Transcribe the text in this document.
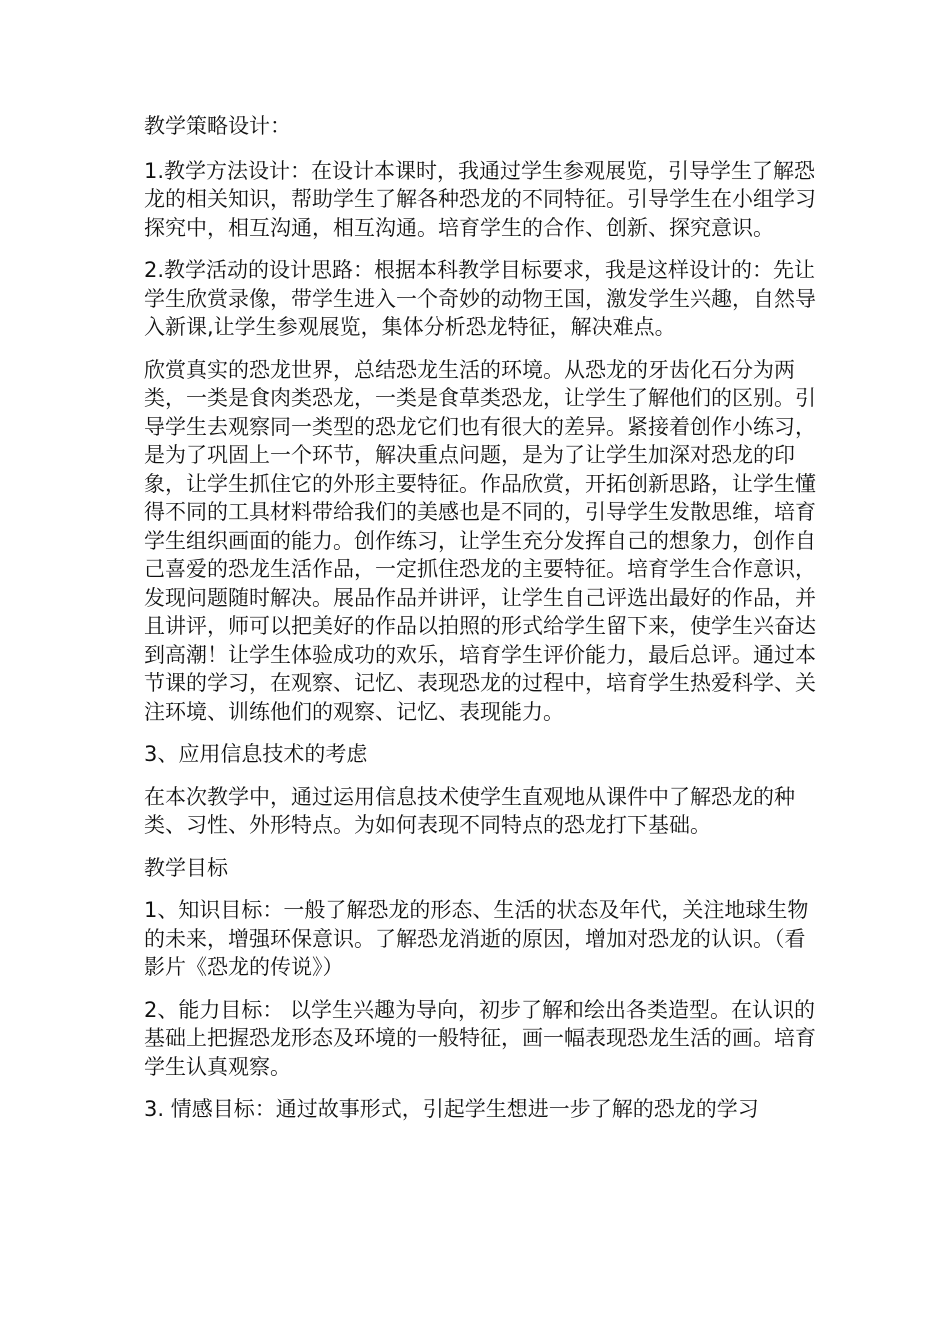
教学策略设计：

1.教学方法设计：在设计本课时，我通过学生参观展览，引导学生了解恐龙的相关知识，帮助学生了解各种恐龙的不同特征。引导学生在小组学习探究中，相互沟通，相互沟通。培育学生的合作、创新、探究意识。

2.教学活动的设计思路：根据本科教学目标要求，我是这样设计的：先让学生欣赏录像，带学生进入一个奇妙的动物王国，激发学生兴趣，自然导入新课,让学生参观展览，集体分析恐龙特征，解决难点。

欣赏真实的恐龙世界，总结恐龙生活的环境。从恐龙的牙齿化石分为两类，一类是食肉类恐龙，一类是食草类恐龙，让学生了解他们的区别。引导学生去观察同一类型的恐龙它们也有很大的差异。紧接着创作小练习，是为了巩固上一个环节，解决重点问题，是为了让学生加深对恐龙的印象，让学生抓住它的外形主要特征。作品欣赏，开拓创新思路，让学生懂得不同的工具材料带给我们的美感也是不同的，引导学生发散思维，培育学生组织画面的能力。创作练习，让学生充分发挥自己的想象力，创作自己喜爱的恐龙生活作品，一定抓住恐龙的主要特征。培育学生合作意识，发现问题随时解决。展品作品并讲评，让学生自己评选出最好的作品，并且讲评，师可以把美好的作品以拍照的形式给学生留下来，使学生兴奋达到高潮！让学生体验成功的欢乐，培育学生评价能力，最后总评。通过本节课的学习，在观察、记忆、表现恐龙的过程中，培育学生热爱科学、关注环境、训练他们的观察、记忆、表现能力。

3、应用信息技术的考虑

在本次教学中，通过运用信息技术使学生直观地从课件中了解恐龙的种类、习性、外形特点。为如何表现不同特点的恐龙打下基础。

教学目标

1、知识目标：一般了解恐龙的形态、生活的状态及年代，关注地球生物的未来，增强环保意识。了解恐龙消逝的原因，增加对恐龙的认识。（看影片《恐龙的传说》）

2、能力目标： 以学生兴趣为导向，初步了解和绘出各类造型。在认识的基础上把握恐龙形态及环境的一般特征，画一幅表现恐龙生活的画。培育学生认真观察。

3. 情感目标：通过故事形式，引起学生想进一步了解的恐龙的学习
